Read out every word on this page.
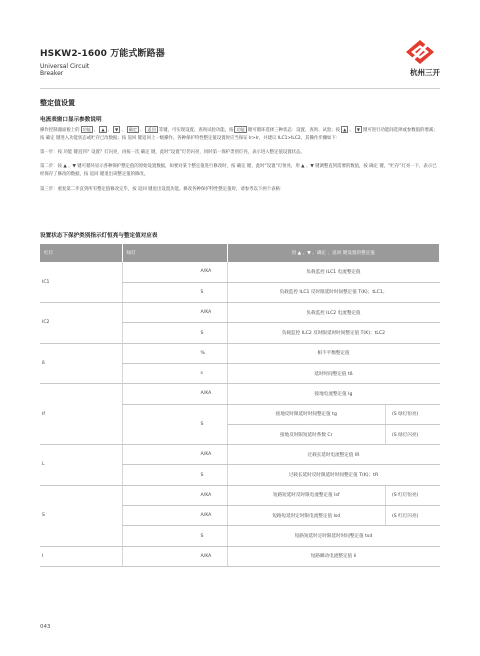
HSKW2-1600 万能式断路器
Universal Circuit
Breaker	杭州三开
整定值设置
电流表窗口显示参数说明
操作控制器面板上的 功能 、 ▲ 、 ▼ 、 确定 、 返回 等键，可实现设置、查询试验功能。按 功能 键可循环选择三种状态：设置、查询、试验；按 ▲ 、 ▼ 键可进行功能间选择或参数值的增减；按 确定 键进入功能状态或贮存已改数据；按 返回 键返回上一级操作。各种保护特性整定值设置时应当保证 Ir>Ir，并建议 ILC1>ILC2。其操作步骤如下：
第一步：按 功能 键直到？设置？灯闪亮，再按一次 确定 键，此时“设置”灯仍闪亮，同时第一保护类别灯亮，表示进入整定值设置状态。
第二步：按 ▲ 、▼ 键可循环显示各种保护整定值的原始设置数据，如要对某个整定值进行修改时，按 确定 键，此时“设置”灯恒亮，用 ▲ 、▼ 键调整直到需要的数值，按 确定 键，“贮存”灯亮一下，表示已经保存了修改的数据，按 返回 键退出该整定值的修改。
第三步：重复第二步直到所有整定值修改完毕，按 返回 键退出设置功能。修改各种保护特性整定值时，请参考以下两个表格：
设置状态下保护类别指示灯恒亮与整定值对应表
红灯	绿灯	用 ▲ 、▼ 、确定 、返回 键设置的整定值	
IC1	A/KA	负载监控 ILC1 电流整定值	
	S	负载监控 ILC1 反时限延时时间整定值 T(K)；tLC1。	
IC2	A/KA	负载监控 ILC2 电流整定值	
	S	负载监控 ILC2 反时限延时时间整定值 T(K)；tLC2	
ß	%	相不平衡整定值	
	s	延时时间整定值 tß	
If	A/KA	接地电流整定值 Ig	
	S	接地反时限延时时间整定值 tg	(S 绿灯恒亮)
		接地反时限短延时系数 Cr	(S 绿灯闪亮)
L	A/KA	过载长延时电流整定值 IR	
	S	过载长延时反时限延时时间整定值 T(K)；tR	
S	A/KA	短路短延时反时限电流整定值 Isf	(S 红灯恒亮)
	A/KA	短路短延时定时限电流整定值 Isd	(S 红灯闪亮)
	S	短路短延时定时限延时时间整定值 tsd	
I	A/KA	短路瞬动电流整定值 Ii	
043
